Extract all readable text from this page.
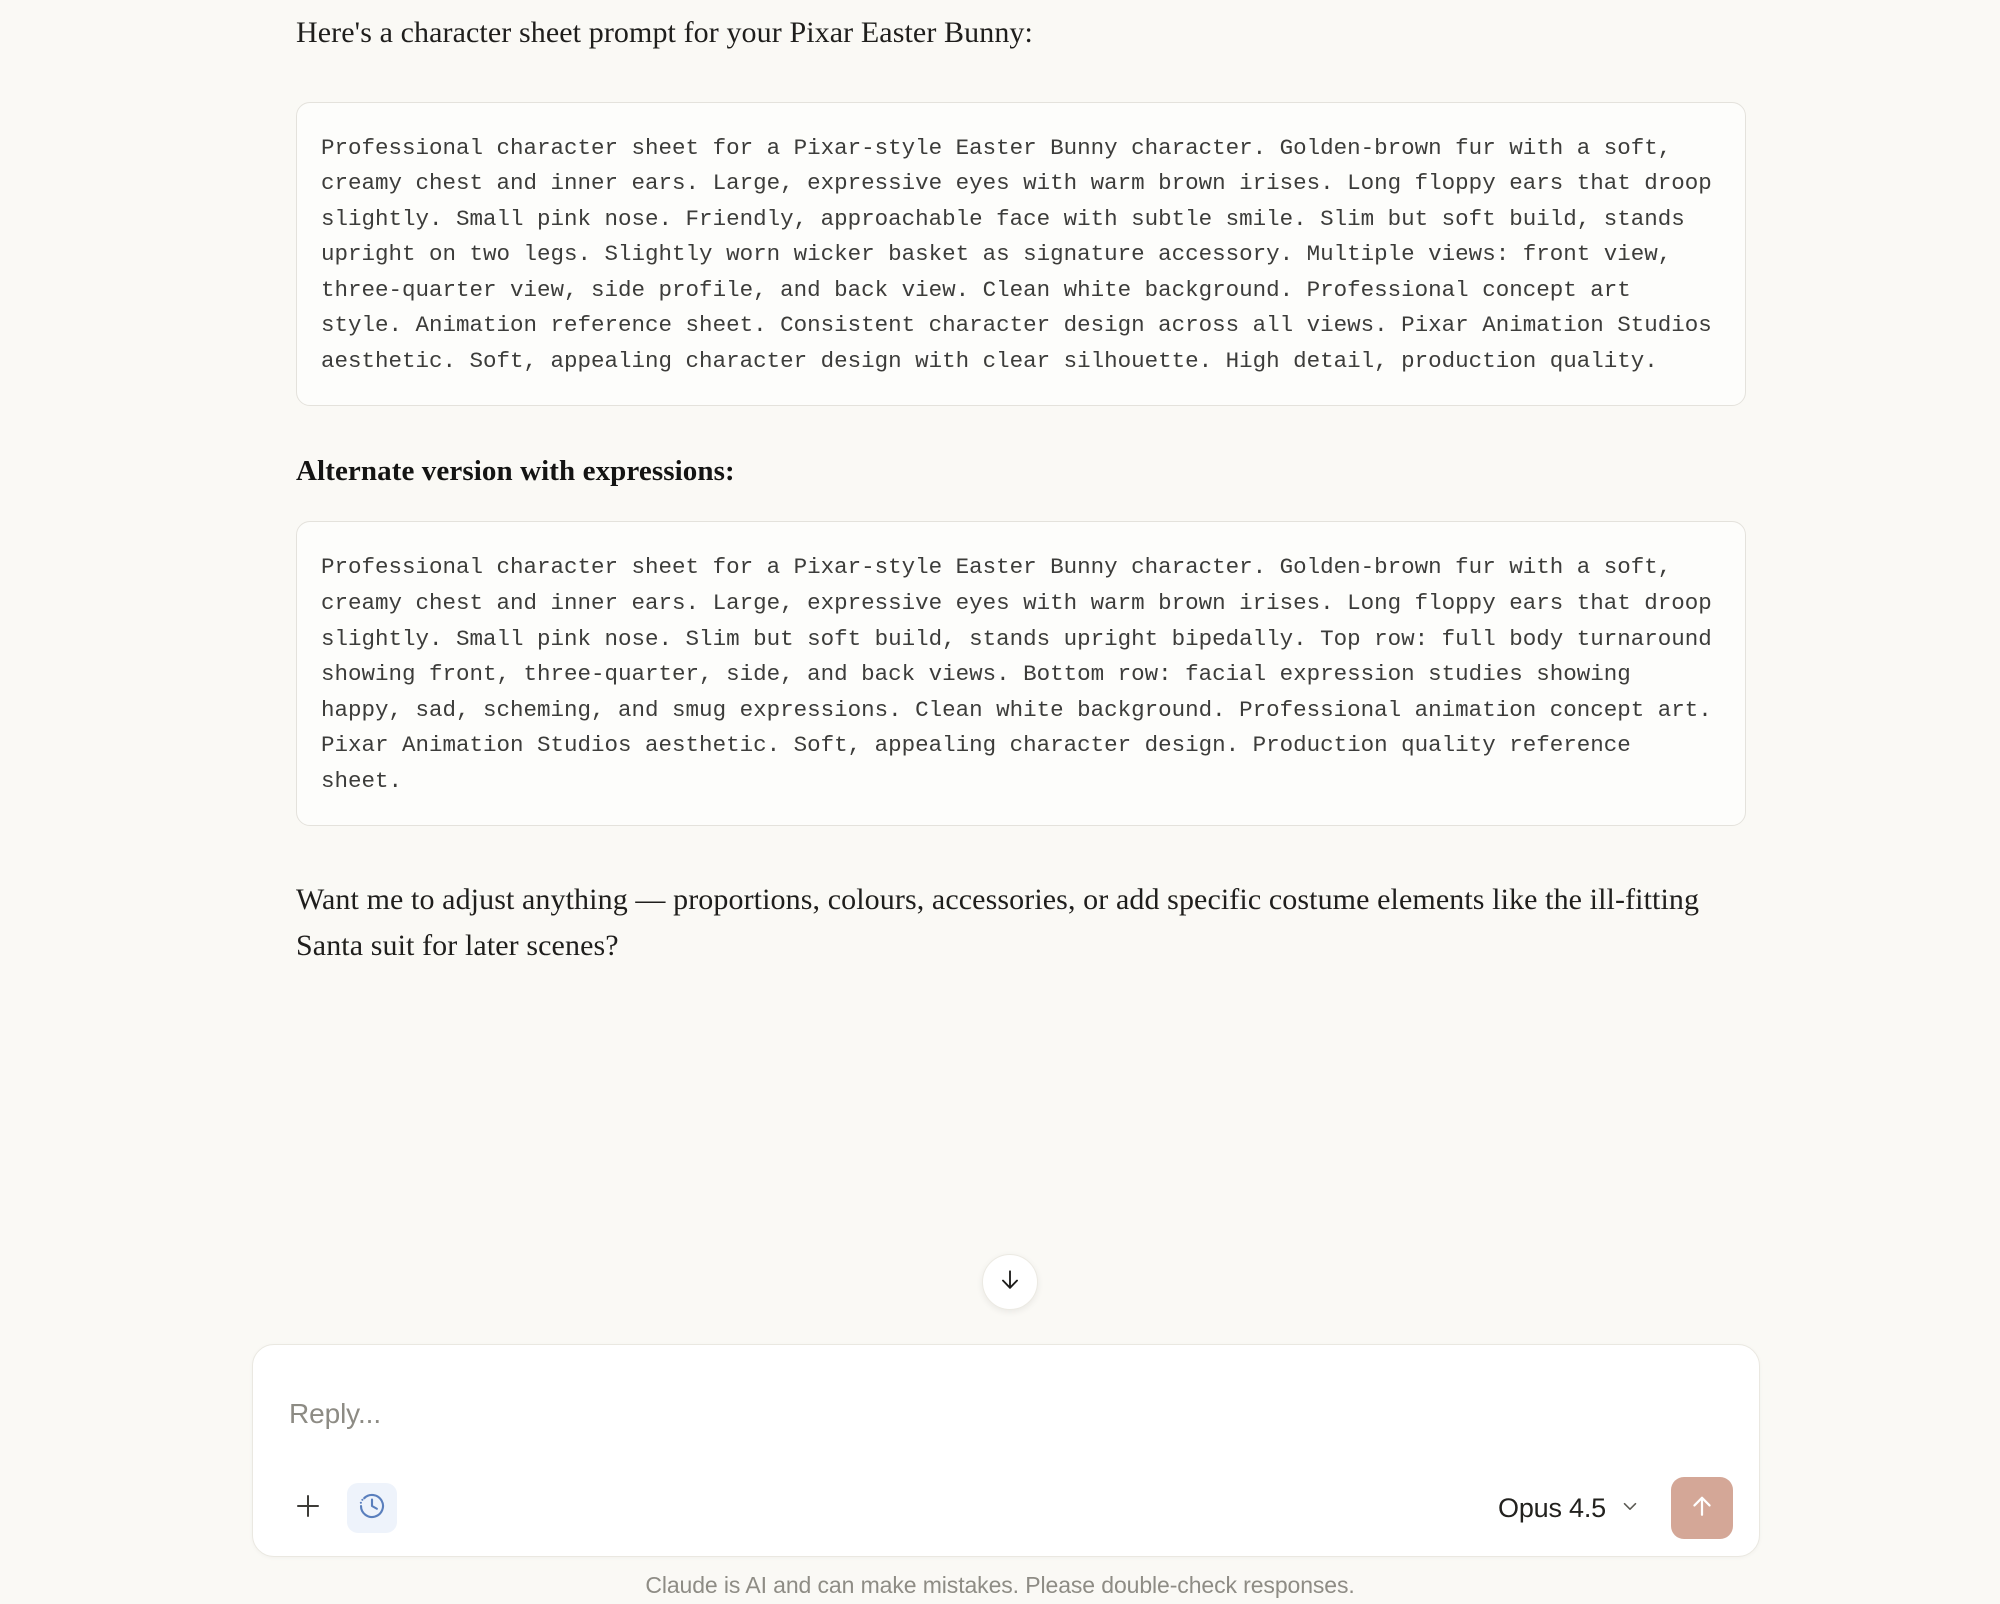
Here's a character sheet prompt for your Pixar Easter Bunny:

Professional character sheet for a Pixar-style Easter Bunny character. Golden-brown fur with a soft, creamy chest and inner ears. Large, expressive eyes with warm brown irises. Long floppy ears that droop slightly. Small pink nose. Friendly, approachable face with subtle smile. Slim but soft build, stands upright on two legs. Slightly worn wicker basket as signature accessory. Multiple views: front view, three-quarter view, side profile, and back view. Clean white background. Professional concept art style. Animation reference sheet. Consistent character design across all views. Pixar Animation Studios aesthetic. Soft, appealing character design with clear silhouette. High detail, production quality.
Alternate version with expressions:
Professional character sheet for a Pixar-style Easter Bunny character. Golden-brown fur with a soft, creamy chest and inner ears. Large, expressive eyes with warm brown irises. Long floppy ears that droop slightly. Small pink nose. Slim but soft build, stands upright bipedally. Top row: full body turnaround showing front, three-quarter, side, and back views. Bottom row: facial expression studies showing happy, sad, scheming, and smug expressions. Clean white background. Professional animation concept art. Pixar Animation Studios aesthetic. Soft, appealing character design. Production quality reference sheet.

Want me to adjust anything — proportions, colours, accessories, or add specific costume elements like the ill-fitting Santa suit for later scenes?

Reply...
Opus 4.5
Claude is AI and can make mistakes. Please double-check responses.
